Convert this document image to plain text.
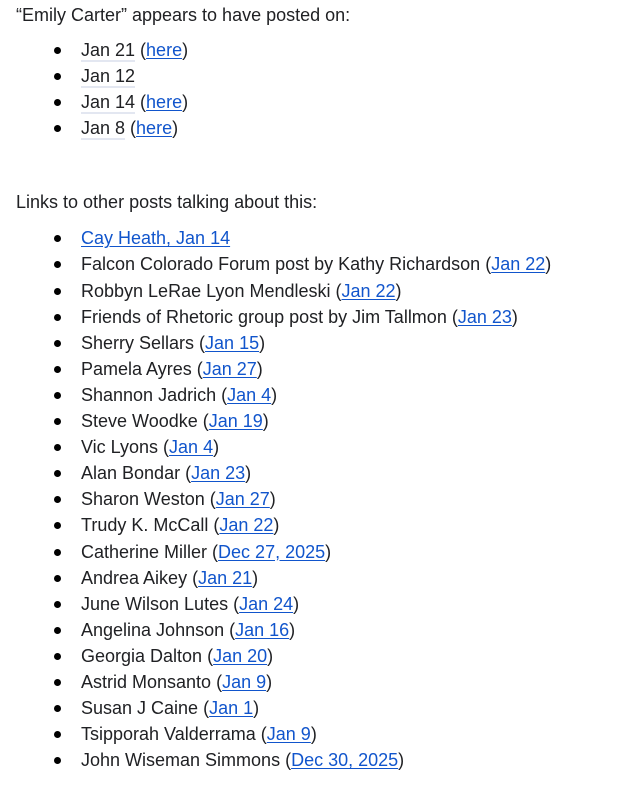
“Emily Carter” appears to have posted on:

Jan 21 (here)
Jan 12
Jan 14 (here)
Jan 8 (here)

Links to other posts talking about this:

Cay Heath, Jan 14
Falcon Colorado Forum post by Kathy Richardson (Jan 22)
Robbyn LeRae Lyon Mendleski (Jan 22)
Friends of Rhetoric group post by Jim Tallmon (Jan 23)
Sherry Sellars (Jan 15)
Pamela Ayres (Jan 27)
Shannon Jadrich (Jan 4)
Steve Woodke (Jan 19)
Vic Lyons (Jan 4)
Alan Bondar (Jan 23)
Sharon Weston (Jan 27)
Trudy K. McCall (Jan 22)
Catherine Miller (Dec 27, 2025)
Andrea Aikey (Jan 21)
June Wilson Lutes (Jan 24)
Angelina Johnson (Jan 16)
Georgia Dalton (Jan 20)
Astrid Monsanto (Jan 9)
Susan J Caine (Jan 1)
Tsipporah Valderrama (Jan 9)
John Wiseman Simmons (Dec 30, 2025)
